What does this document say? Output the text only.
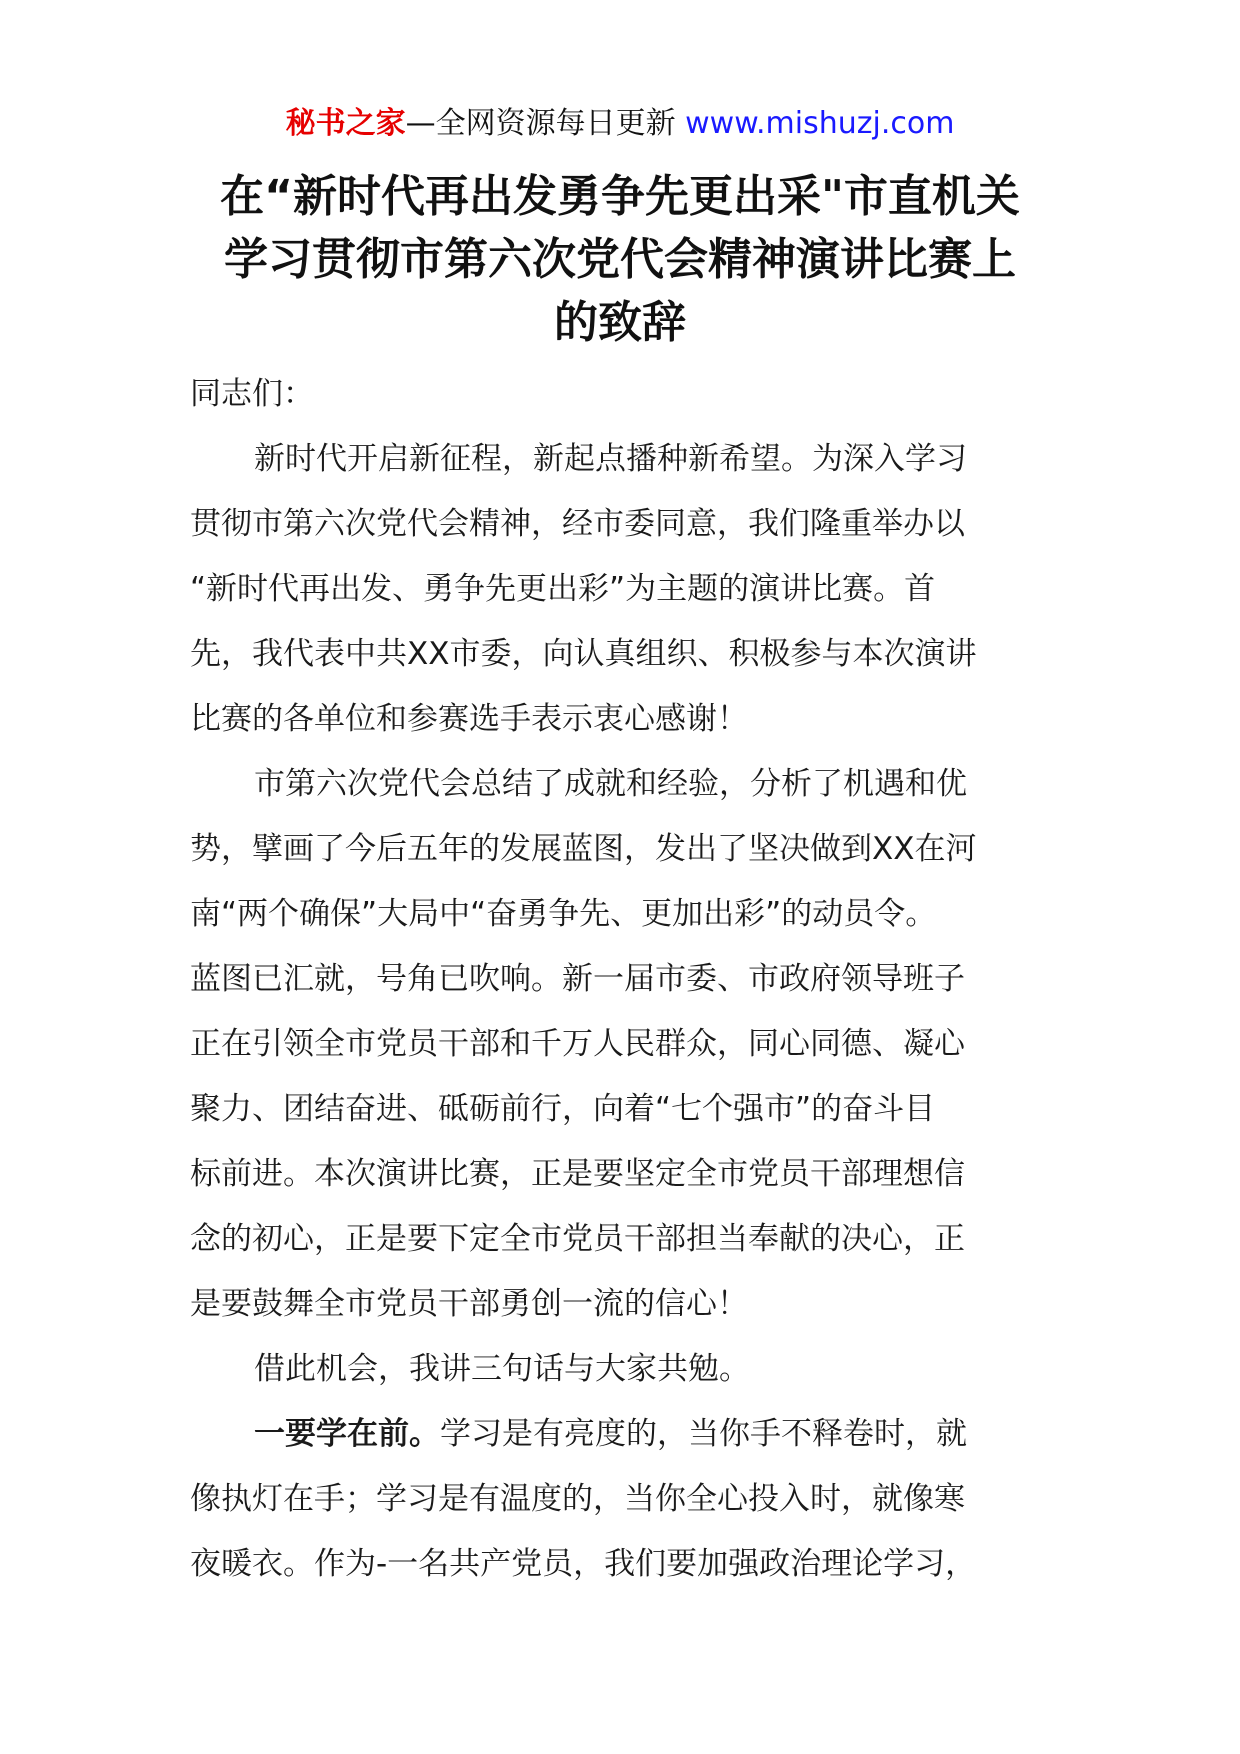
秘书之家—全网资源每日更新 www.mishuzj.com
在“新时代再出发勇争先更出采"市直机关
学习贯彻市第六次党代会精神演讲比赛上
的致辞
同志们：
新时代开启新征程，新起点播种新希望。为深入学习
贯彻市第六次党代会精神，经市委同意，我们隆重举办以
“新时代再出发、勇争先更出彩”为主题的演讲比赛。首
先，我代表中共XX市委，向认真组织、积极参与本次演讲
比赛的各单位和参赛选手表示衷心感谢！
市第六次党代会总结了成就和经验，分析了机遇和优
势，擘画了今后五年的发展蓝图，发出了坚决做到XX在河
南“两个确保”大局中“奋勇争先、更加出彩”的动员令。
蓝图已汇就，号角已吹响。新一届市委、市政府领导班子
正在引领全市党员干部和千万人民群众，同心同德、凝心
聚力、团结奋进、砥砺前行，向着“七个强市”的奋斗目
标前进。本次演讲比赛，正是要坚定全市党员干部理想信
念的初心，正是要下定全市党员干部担当奉献的决心，正
是要鼓舞全市党员干部勇创一流的信心！
借此机会，我讲三句话与大家共勉。
一要学在前。学习是有亮度的，当你手不释卷时，就
像执灯在手；学习是有温度的，当你全心投入时，就像寒
夜暖衣。作为-一名共产党员，我们要加强政治理论学习，
